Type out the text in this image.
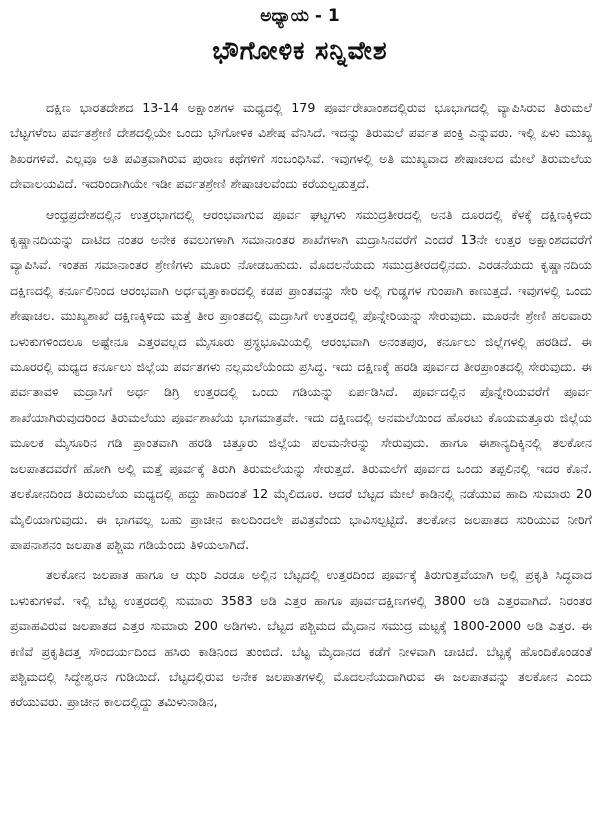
ಅಧ್ಯಾಯ - 1
ಭೌಗೋಳಿಕ ಸನ್ನಿವೇಶ

ದಕ್ಷಿಣ ಭಾರತದೇಶದ 13-14 ಅಕ್ಷಾಂಶಗಳ ಮಧ್ಯದಲ್ಲಿ 179 ಪೂರ್ವರೇಖಾಂಶದಲ್ಲಿರುವ ಭೂಭಾಗದಲ್ಲಿ ವ್ಯಾಪಿಸಿರುವ ತಿರುಮಲೆ ಬೆಟ್ಟಗಳೆಂಬ ಪರ್ವತಶ್ರೇಣಿ ದೇಶದಲ್ಲಿಯೇ ಒಂದು ಭೌಗೋಳಿಕ ವಿಶೇಷ ವೆನಿಸಿದೆ. ಇದನ್ನು ತಿರುಮಲೆ ಪರ್ವತ ಪಂಕ್ತಿ ಎನ್ನುವರು. ಇಲ್ಲಿ ಏಳು ಮುಖ್ಯ ಶಿಖರಗಳಿವೆ. ಎಲ್ಲವೂ ಅತಿ ಪವಿತ್ರವಾಗಿರುವ ಪುರಾಣ ಕಥೆಗಳಿಗೆ ಸಂಬಂಧಿಸಿವೆ. ಇವುಗಳಲ್ಲಿ ಅತಿ ಮುಖ್ಯವಾದ ಶೇಷಾಚಲದ ಮೇಲೆ ತಿರುಮಲೆಯ ದೇವಾಲಯವಿದೆ. ಇದರಿಂದಾಗಿಯೇ ಇಡೀ ಪರ್ವತಶ್ರೇಣಿ ಶೇಷಾಚಲವೆಂದು ಕರೆಯಲ್ಪಡುತ್ತದೆ.

ಆಂಧ್ರಪ್ರದೇಶದಲ್ಲಿನ ಉತ್ತರಭಾಗದಲ್ಲಿ ಆರಂಭವಾಗುವ ಪೂರ್ವ ಘಟ್ಟಗಳು ಸಮುದ್ರತೀರದಲ್ಲಿ ಅನತಿ ದೂರದಲ್ಲಿ ಕೆಳಕ್ಕೆ ದಕ್ಷಿಣಕ್ಕಿಳಿದು ಕೃಷ್ಣಾನದಿಯನ್ನು ದಾಟಿದ ನಂತರ ಅನೇಕ ಕವಲುಗಳಾಗಿ ಸಮಾನಾಂತರ ಶಾಖೆಗಳಾಗಿ ಮದ್ರಾಸಿನವರೆಗೆ ಎಂದರೆ 13ನೇ ಉತ್ತರ ಅಕ್ಷಾಂಶದವರೆಗೆ ವ್ಯಾಪಿಸಿವೆ. ಇಂತಹ ಸಮಾನಾಂತರ ಶ್ರೇಣಿಗಳು ಮೂರು ನೋಡಬಹುದು. ಮೊದಲನೆಯದು ಸಮುದ್ರತೀರದಲ್ಲಿನದು. ಎರಡನೆಯದು ಕೃಷ್ಣಾನದಿಯ ದಕ್ಷಿಣದಲ್ಲಿ ಕರ್ನೂಲಿನಿಂದ ಆರಂಭವಾಗಿ ಅರ್ಧವೃತ್ತಾಕಾರದಲ್ಲಿ ಕಡಪ ಪ್ರಾಂತವನ್ನು ಸೇರಿ ಅಲ್ಲಿ ಗುಡ್ಡಗಳ ಗುಂಪಾಗಿ ಕಾಣುತ್ತದೆ. ಇವುಗಳಲ್ಲಿ ಒಂದು ಶೇಷಾಚಲ. ಮುಖ್ಯಶಾಖೆ ದಕ್ಷಿಣಕ್ಕಿಳಿದು ಮತ್ತೆ ತೀರ ಪ್ರಾಂತದಲ್ಲಿ ಮದ್ರಾಸಿಗೆ ಉತ್ತರದಲ್ಲಿ ಪೊನ್ನೇರಿಯನ್ನು ಸೇರುವುದು. ಮೂರನೇ ಶ್ರೇಣಿ ಹಲವಾರು ಬಳುಕುಗಳಿಂದಲೂ ಅಷ್ಟೇನೂ ಎತ್ತರವಲ್ಲದ ಮೈಸೂರು ಪ್ರಸ್ಥಭೂಮಿಯಲ್ಲಿ ಆರಂಭವಾಗಿ ಅನಂತಪುರ, ಕರ್ನೂಲು ಜಿಲ್ಲೆಗಳಲ್ಲಿ ಹರಡಿದೆ. ಈ ಮೂರರಲ್ಲಿ ಮಧ್ಯದ ಕರ್ನೂಲು ಜಿಲ್ಲೆಯ ಪರ್ವತಗಳು ನಲ್ಲಮಲೆಯೆಂದು ಪ್ರಸಿದ್ಧ. ಇದು ದಕ್ಷಿಣಕ್ಕೆ ಹರಡಿ ಪೂರ್ವದ ತೀರಪ್ರಾಂತದಲ್ಲಿ ಸೇರುವುದು. ಈ ಪರ್ವತಾವಳಿ ಮದ್ರಾಸಿಗೆ ಅರ್ಧ ಡಿಗ್ರಿ ಉತ್ತರದಲ್ಲಿ ಒಂದು ಗಡಿಯನ್ನು ಏರ್ಪಡಿಸಿದೆ. ಪೂರ್ವದಲ್ಲಿನ ಪೊನ್ನೇರಿಯವರೆಗೆ ಪೂರ್ವ ಶಾಖೆಯಾಗಿರುವುದರಿಂದ ತಿರುಮಲೆಯು ಪೂರ್ವಶಾಖೆಯ ಭಾಗಮಾತ್ರವೇ. ಇದು ದಕ್ಷಿಣದಲ್ಲಿ ಅನಮಲೆಯಿಂದ ಹೊರಟು ಕೊಯಮತ್ತೂರು ಜಿಲ್ಲೆಯ ಮೂಲಕ ಮೈಸೂರಿನ ಗಡಿ ಪ್ರಾಂತವಾಗಿ ಹರಡಿ ಚಿತ್ತೂರು ಜಿಲ್ಲೆಯ ಪಲಮನೇರನ್ನು ಸೇರುವುದು. ಹಾಗೂ ಈಶಾನ್ಯದಿಕ್ಕಿನಲ್ಲಿ ತಲಕೋನ ಜಲಪಾತದವರೆಗೆ ಹೋಗಿ ಅಲ್ಲಿ ಮತ್ತೆ ಪೂರ್ವಕ್ಕೆ ತಿರುಗಿ ತಿರುಮಲೆಯನ್ನು ಸೇರುತ್ತದೆ. ತಿರುಮಲೆಗೆ ಪೂರ್ವದ ಒಂದು ತಪ್ಪಲಿನಲ್ಲಿ ಇದರ ಕೊನೆ. ತಲಕೋನದಿಂದ ತಿರುಮಲೆಯ ಮಧ್ಯದಲ್ಲಿ ಹದ್ದು ಹಾರಿದಂತೆ 12 ಮೈಲಿದೂರ. ಆದರೆ ಬೆಟ್ಟದ ಮೇಲೆ ಕಾಡಿನಲ್ಲಿ ನಡೆಯುವ ಹಾದಿ ಸುಮಾರು 20 ಮೈಲಿಯಾಗುವುದು. ಈ ಭಾಗವಲ್ಲ ಬಹು ಪ್ರಾಚೀನ ಕಾಲದಿಂದಲೇ ಪವಿತ್ರವೆಂದು ಭಾವಿಸಲ್ಪಟ್ಟಿದೆ. ತಲಕೋನ ಜಲಪಾತದ ಸುರಿಯುವ ನೀರಿಗೆ ಪಾಪನಾಶನಂ ಜಲಪಾತ ಪಶ್ಚಿಮ ಗಡಿಯೆಂದು ತಿಳಿಯಲಾಗಿದೆ.

ತಲಕೋನ ಜಲಪಾತ ಹಾಗೂ ಆ ಝರಿ ಎರಡೂ ಅಲ್ಲಿನ ಬೆಟ್ಟದಲ್ಲಿ ಉತ್ತರದಿಂದ ಪೂರ್ವಕ್ಕೆ ತಿರುಗುತ್ತವೆಯಾಗಿ ಅಲ್ಲಿ ಪ್ರಕೃತಿ ಸಿದ್ಧವಾದ ಬಳುಕುಗಳಿವೆ. ಇಲ್ಲಿ ಬೆಟ್ಟ ಉತ್ತರದಲ್ಲಿ ಸುಮಾರು 3583 ಅಡಿ ಎತ್ತರ ಹಾಗೂ ಪೂರ್ವದಕ್ಷಿಣಗಳಲ್ಲಿ 3800 ಅಡಿ ಎತ್ತರವಾಗಿದೆ. ನಿರಂತರ ಪ್ರವಾಹವಿರುವ ಜಲಪಾತದ ಎತ್ತರ ಸುಮಾರು 200 ಅಡಿಗಳು. ಬೆಟ್ಟದ ಪಶ್ಚಿಮದ ಮೈದಾನ ಸಮುದ್ರ ಮಟ್ಟಕ್ಕೆ 1800-2000 ಅಡಿ ಎತ್ತರ. ಈ ಕಣಿವೆ ಪ್ರಕೃತಿದತ್ತ ಸೌಂದರ್ಯದಿಂದ ಹಸಿರು ಕಾಡಿನಿಂದ ತುಂಬಿದೆ. ಬೆಟ್ಟ ಮೈದಾನದ ಕಡೆಗೆ ನೀಳವಾಗಿ ಚಾಚಿದೆ. ಬೆಟ್ಟಕ್ಕೆ ಹೊಂದಿಕೊಂಡಂತೆ ಪಶ್ಚಿಮದಲ್ಲಿ ಸಿದ್ಧೇಶ್ವರನ ಗುಡಿಯಿದೆ. ಬೆಟ್ಟದಲ್ಲಿರುವ ಅನೇಕ ಜಲಪಾತಗಳಲ್ಲಿ ಮೊದಲನೆಯದಾಗಿರುವ ಈ ಜಲಪಾತವನ್ನು ತಲಕೋನ ಎಂದು ಕರೆಯುವರು. ಪ್ರಾಚೀನ ಕಾಲದಲ್ಲಿದ್ದು ತಮಿಳುನಾಡಿನ,
